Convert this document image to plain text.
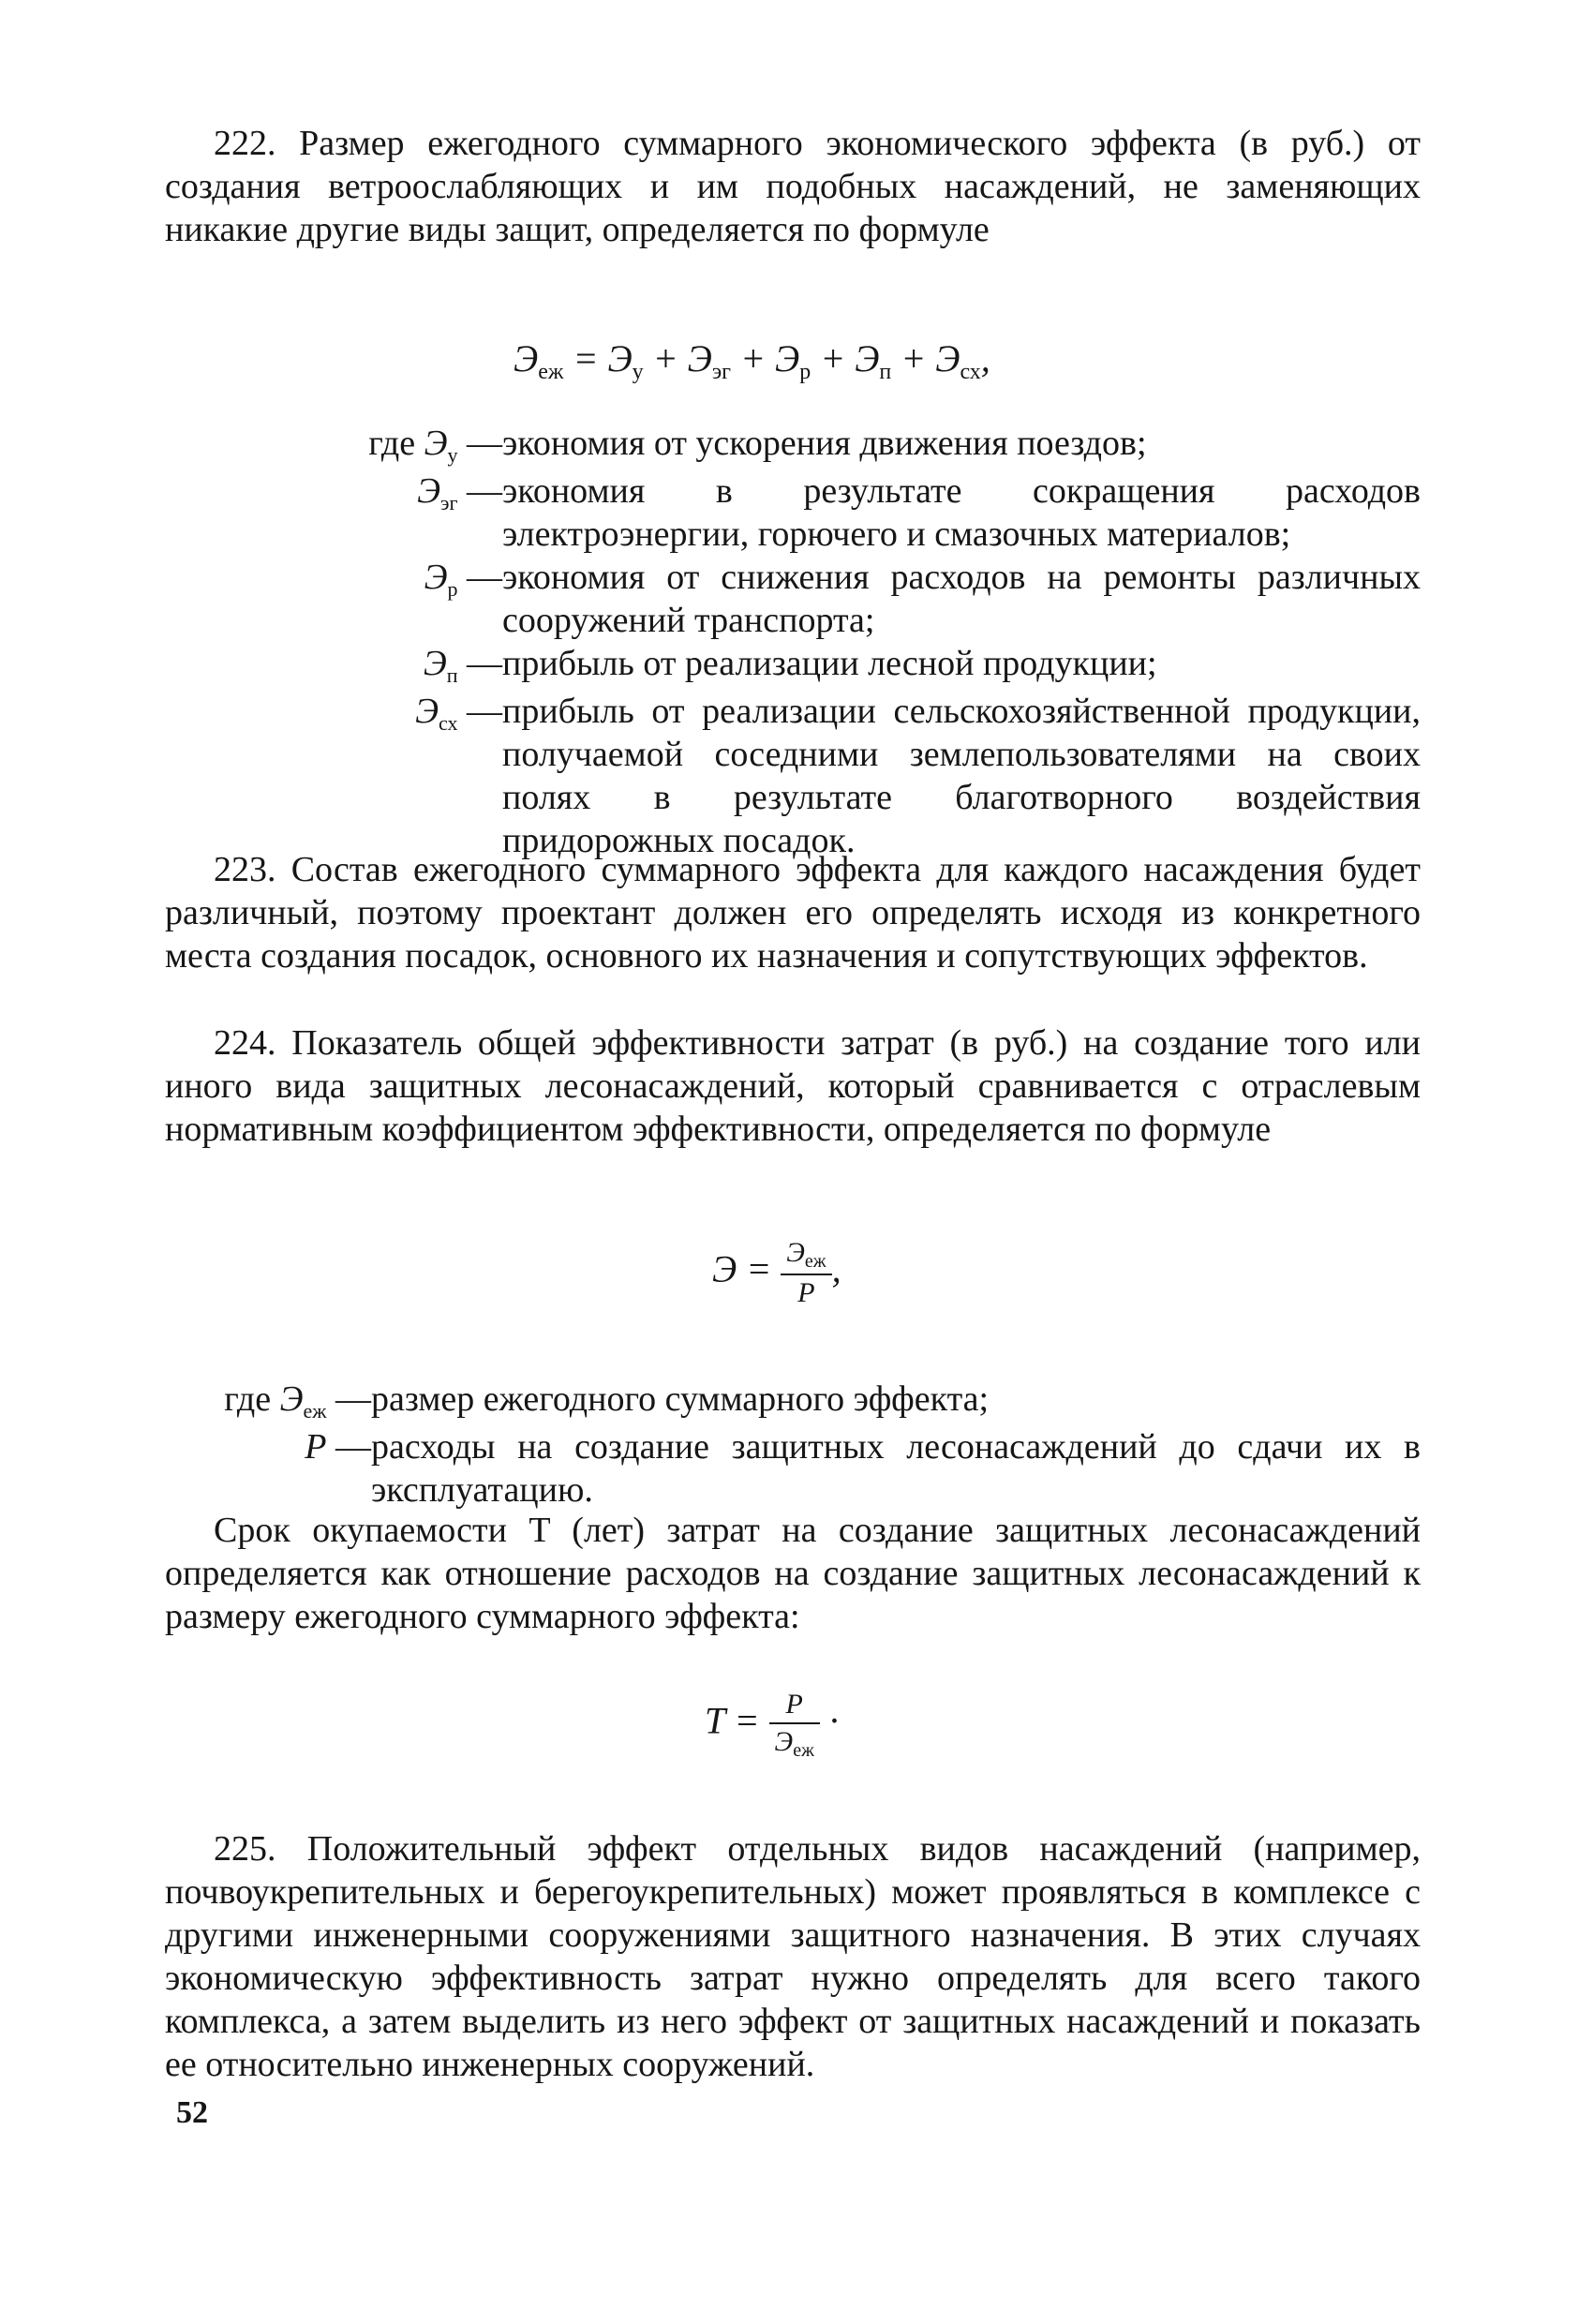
222. Размер ежегодного суммарного экономического эффекта (в руб.) от создания ветроослабляющих и им подобных насаждений, не заменяющих никакие другие виды защит, определяется по формуле

$Э_{еж} = Э_у + Э_{эг} + Э_р + Э_п + Э_{сх}$,
где $Э_у$ — экономия от ускорения движения поездов;
$Э_{эг}$ — экономия в результате сокращения расходов электроэнергии, горючего и смазочных материалов;
$Э_р$ — экономия от снижения расходов на ремонты различных сооружений транспорта;
$Э_п$ — прибыль от реализации лесной продукции;
$Э_{сх}$ — прибыль от реализации сельскохозяйственной продукции, получаемой соседними землепользователями на своих полях в результате благотворного воздействия придорожных посадок.

223. Состав ежегодного суммарного эффекта для каждого насаждения будет различный, поэтому проектант должен его определять исходя из конкретного места создания посадок, основного их назначения и сопутствующих эффектов.

224. Показатель общей эффективности затрат (в руб.) на создание того или иного вида защитных лесонасаждений, который сравнивается с отраслевым нормативным коэффициентом эффективности, определяется по формуле

$Э = \frac{Э_{еж}}{P}$ ,
где $Э_{еж}$ — размер ежегодного суммарного эффекта;
P — расходы на создание защитных лесонасаждений до сдачи их в эксплуатацию.

Срок окупаемости T (лет) затрат на создание защитных лесонасаждений определяется как отношение расходов на создание защитных лесонасаждений к размеру ежегодного суммарного эффекта:

$T = \frac{P}{Э_{еж}}$ ·

225. Положительный эффект отдельных видов насаждений (например, почвоукрепительных и берегоукрепительных) может проявляться в комплексе с другими инженерными сооружениями защитного назначения. В этих случаях экономическую эффективность затрат нужно определять для всего такого комплекса, а затем выделить из него эффект от защитных насаждений и показать ее относительно инженерных сооружений.

52
